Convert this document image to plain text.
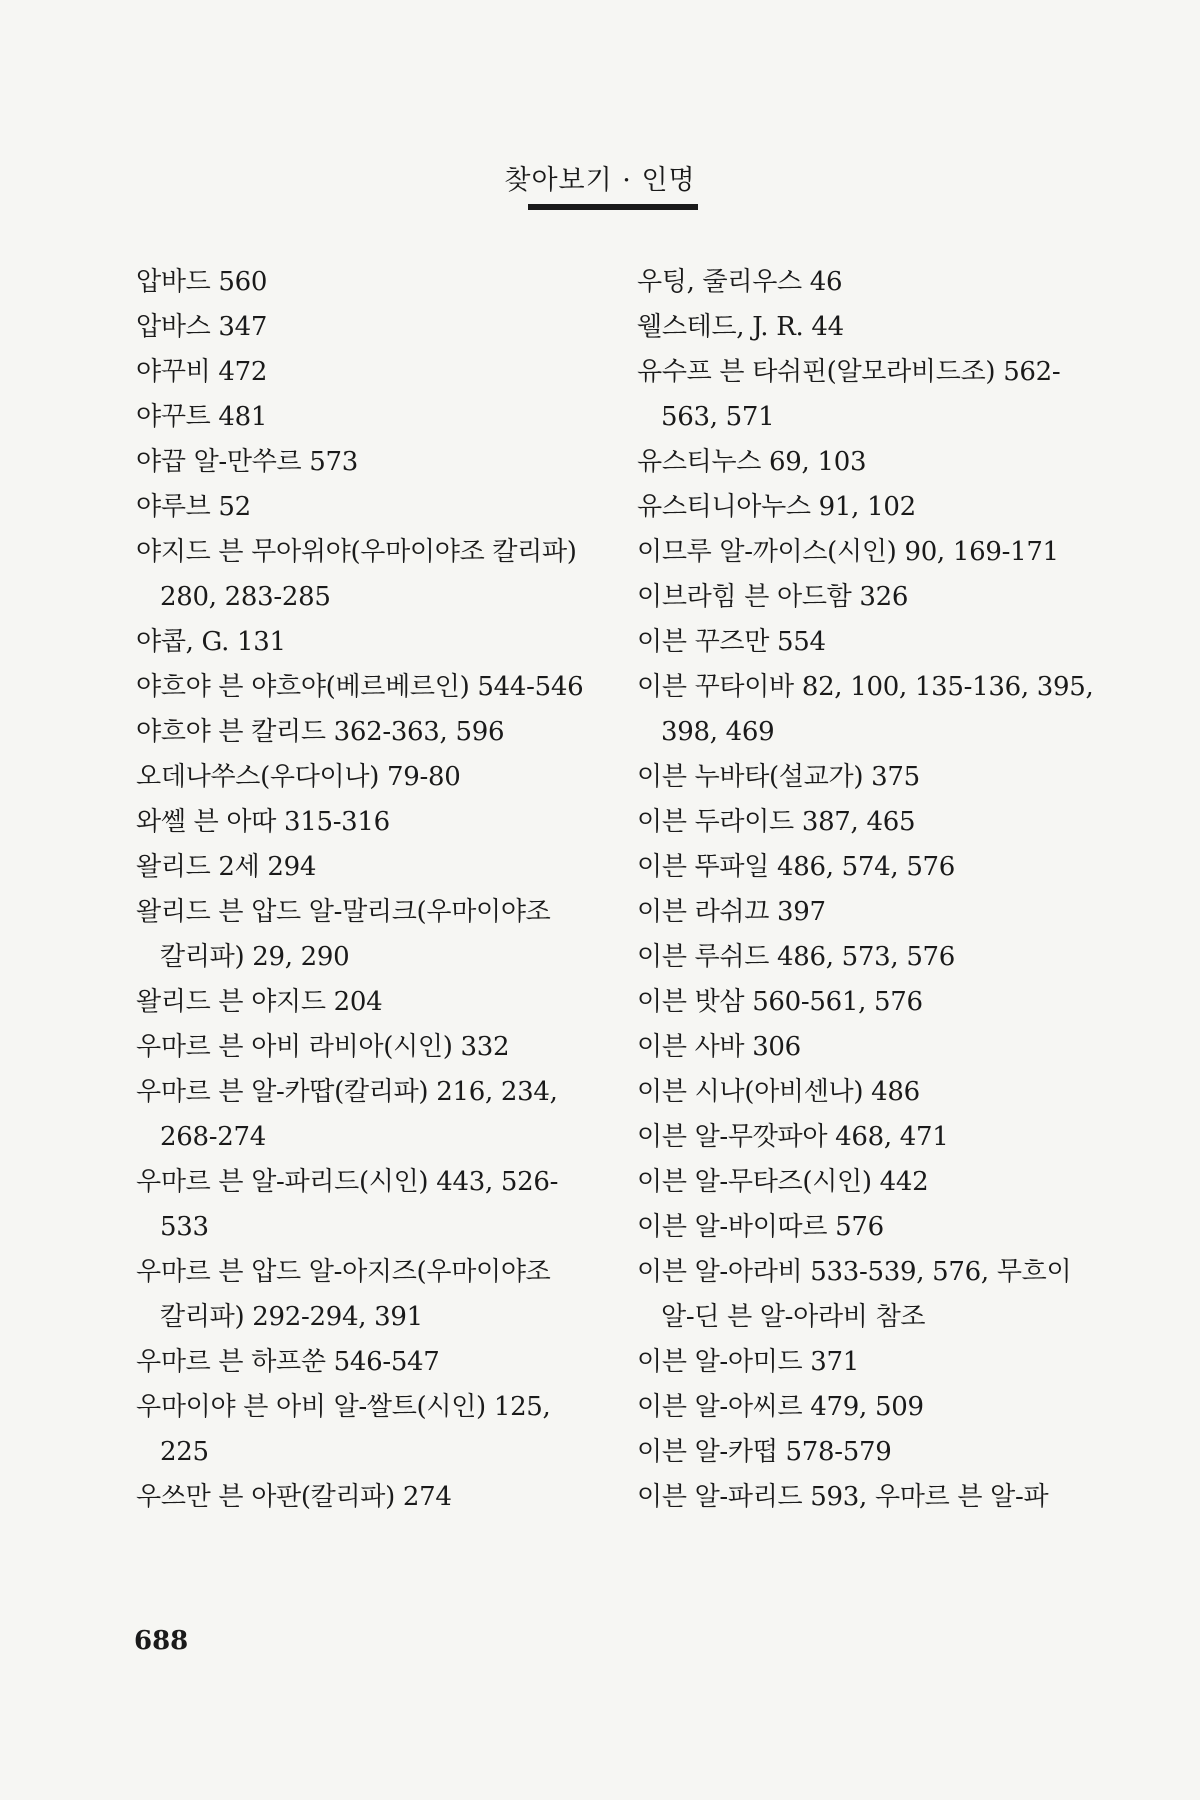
찾아보기 · 인명
압바드 560
압바스 347
야꾸비 472
야꾸트 481
야끕 알-만쑤르 573
야루브 52
야지드 븐 무아위야(우마이야조 칼리파)
280, 283-285
야콥, G. 131
야흐야 븐 야흐야(베르베르인) 544-546
야흐야 븐 칼리드 362-363, 596
오데나쑤스(우다이나) 79-80
와쎌 븐 아따 315-316
왈리드 2세 294
왈리드 븐 압드 알-말리크(우마이야조
칼리파) 29, 290
왈리드 븐 야지드 204
우마르 븐 아비 라비아(시인) 332
우마르 븐 알-카땁(칼리파) 216, 234,
268-274
우마르 븐 알-파리드(시인) 443, 526-
533
우마르 븐 압드 알-아지즈(우마이야조
칼리파) 292-294, 391
우마르 븐 하프쑨 546-547
우마이야 븐 아비 알-쌀트(시인) 125,
225
우쓰만 븐 아판(칼리파) 274
우팅, 줄리우스 46
웰스테드, J. R. 44
유수프 븐 타쉬핀(알모라비드조) 562-
563, 571
유스티누스 69, 103
유스티니아누스 91, 102
이므루 알-까이스(시인) 90, 169-171
이브라힘 븐 아드함 326
이븐 꾸즈만 554
이븐 꾸타이바 82, 100, 135-136, 395,
398, 469
이븐 누바타(설교가) 375
이븐 두라이드 387, 465
이븐 뚜파일 486, 574, 576
이븐 라쉬끄 397
이븐 루쉬드 486, 573, 576
이븐 밧삼 560-561, 576
이븐 사바 306
이븐 시나(아비센나) 486
이븐 알-무깟파아 468, 471
이븐 알-무타즈(시인) 442
이븐 알-바이따르 576
이븐 알-아라비 533-539, 576, 무흐이
알-딘 븐 알-아라비 참조
이븐 알-아미드 371
이븐 알-아씨르 479, 509
이븐 알-카떱 578-579
이븐 알-파리드 593, 우마르 븐 알-파
688
